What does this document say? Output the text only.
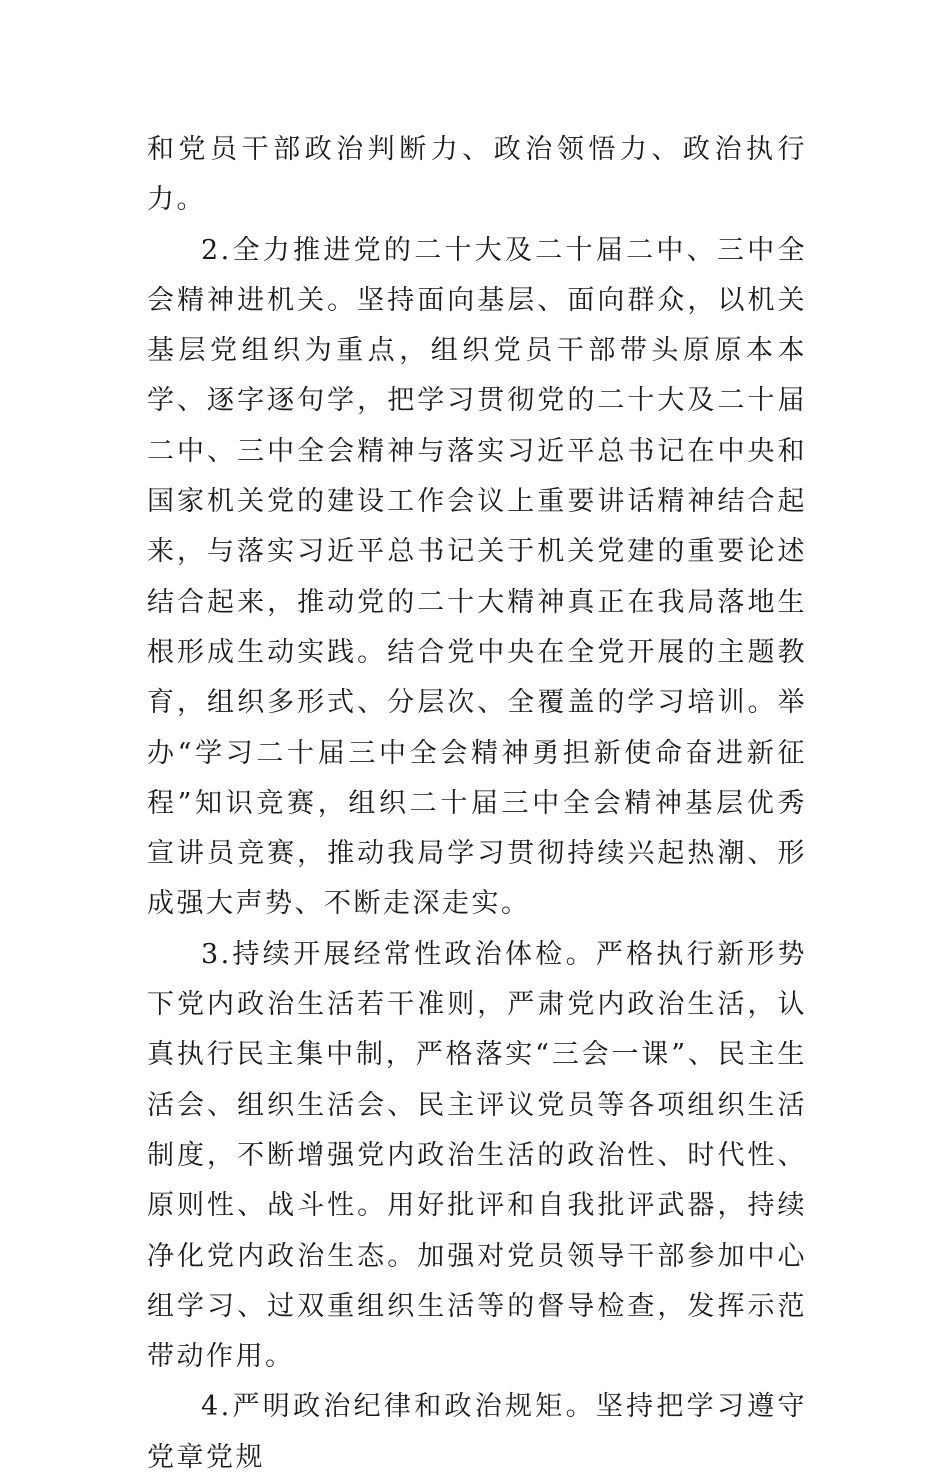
和党员干部政治判断力、政治领悟力、政治执行力。

2.全力推进党的二十大及二十届二中、三中全会精神进机关。坚持面向基层、面向群众，以机关基层党组织为重点，组织党员干部带头原原本本学、逐字逐句学，把学习贯彻党的二十大及二十届二中、三中全会精神与落实习近平总书记在中央和国家机关党的建设工作会议上重要讲话精神结合起来，与落实习近平总书记关于机关党建的重要论述结合起来，推动党的二十大精神真正在我局落地生根形成生动实践。结合党中央在全党开展的主题教育，组织多形式、分层次、全覆盖的学习培训。举办“学习二十届三中全会精神勇担新使命奋进新征程”知识竞赛，组织二十届三中全会精神基层优秀宣讲员竞赛，推动我局学习贯彻持续兴起热潮、形成强大声势、不断走深走实。

3.持续开展经常性政治体检。严格执行新形势下党内政治生活若干准则，严肃党内政治生活，认真执行民主集中制，严格落实“三会一课”、民主生活会、组织生活会、民主评议党员等各项组织生活制度，不断增强党内政治生活的政治性、时代性、原则性、战斗性。用好批评和自我批评武器，持续净化党内政治生态。加强对党员领导干部参加中心组学习、过双重组织生活等的督导检查，发挥示范带动作用。

4.严明政治纪律和政治规矩。坚持把学习遵守党章党规
